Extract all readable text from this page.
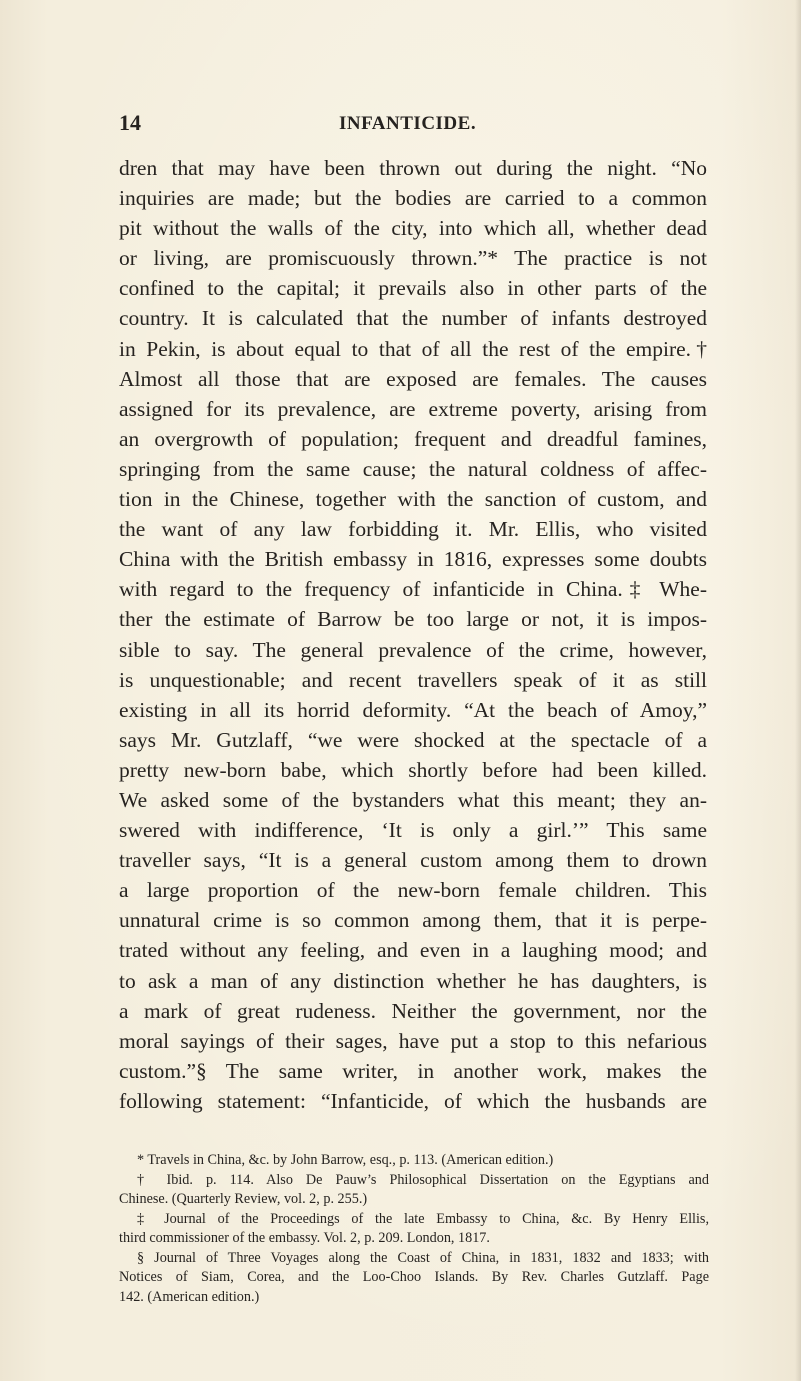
14	INFANTICIDE.
dren that may have been thrown out during the night. “No
inquiries are made; but the bodies are carried to a common
pit without the walls of the city, into which all, whether dead
or living, are promiscuously thrown.”* The practice is not
confined to the capital; it prevails also in other parts of the
country. It is calculated that the number of infants destroyed
in Pekin, is about equal to that of all the rest of the empire.†
Almost all those that are exposed are females. The causes
assigned for its prevalence, are extreme poverty, arising from
an overgrowth of population; frequent and dreadful famines,
springing from the same cause; the natural coldness of affec-
tion in the Chinese, together with the sanction of custom, and
the want of any law forbidding it. Mr. Ellis, who visited
China with the British embassy in 1816, expresses some doubts
with regard to the frequency of infanticide in China.‡ Whe-
ther the estimate of Barrow be too large or not, it is impos-
sible to say. The general prevalence of the crime, however,
is unquestionable; and recent travellers speak of it as still
existing in all its horrid deformity. “At the beach of Amoy,”
says Mr. Gutzlaff, “we were shocked at the spectacle of a
pretty new-born babe, which shortly before had been killed.
We asked some of the bystanders what this meant; they an-
swered with indifference, ‘It is only a girl.’” This same
traveller says, “It is a general custom among them to drown
a large proportion of the new-born female children. This
unnatural crime is so common among them, that it is perpe-
trated without any feeling, and even in a laughing mood; and
to ask a man of any distinction whether he has daughters, is
a mark of great rudeness. Neither the government, nor the
moral sayings of their sages, have put a stop to this nefarious
custom.”§ The same writer, in another work, makes the
following statement: “Infanticide, of which the husbands are
* Travels in China, &c. by John Barrow, esq., p. 113. (American edition.)
† Ibid. p. 114. Also De Pauw’s Philosophical Dissertation on the Egyptians and
Chinese. (Quarterly Review, vol. 2, p. 255.)
‡ Journal of the Proceedings of the late Embassy to China, &c. By Henry Ellis,
third commissioner of the embassy. Vol. 2, p. 209. London, 1817.
§ Journal of Three Voyages along the Coast of China, in 1831, 1832 and 1833; with
Notices of Siam, Corea, and the Loo-Choo Islands. By Rev. Charles Gutzlaff. Page
142. (American edition.)
